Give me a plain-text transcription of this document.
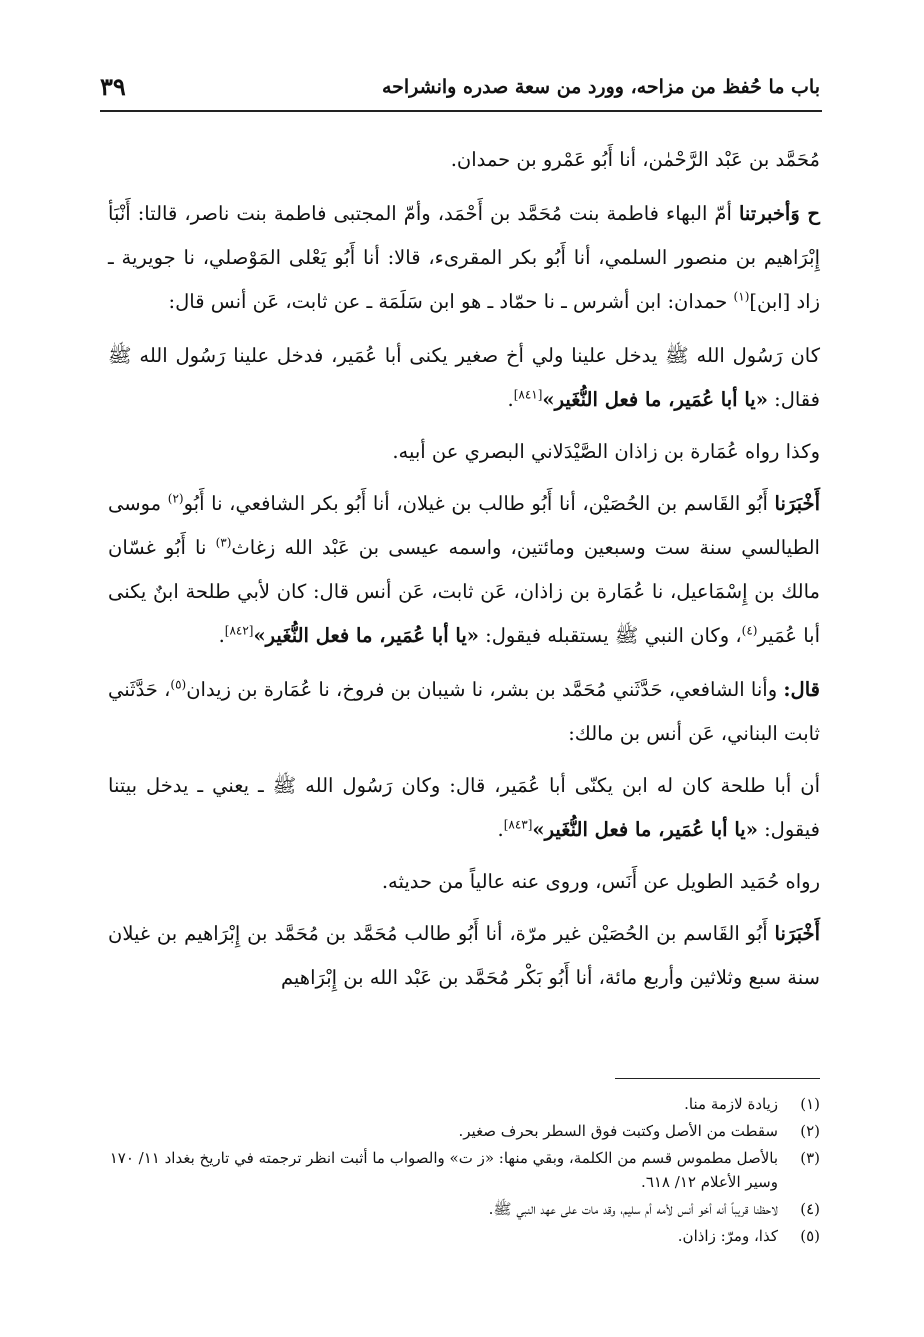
باب ما حُفظ من مزاحه، وورد من سعة صدره وانشراحه
٣٩

مُحَمَّد بن عَبْد الرَّحْمٰن، أنا أَبُو عَمْرو بن حمدان.

ح وَأخبرتنا أمّ البهاء فاطمة بنت مُحَمَّد بن أَحْمَد، وأمّ المجتبى فاطمة بنت ناصر، قالتا: أَنْبَأ إِبْرَاهيم بن منصور السلمي، أنا أَبُو بكر المقرىء، قالا: أنا أَبُو يَعْلى المَوْصلي، نا جويرية ـ زاد [ابن]$^{(١)}$ حمدان: ابن أشرس ـ نا حمّاد ـ هو ابن سَلَمَة ـ عن ثابت، عَن أنس قال:

كان رَسُول الله ﷺ يدخل علينا ولي أخ صغير يكنى أبا عُمَير، فدخل علينا رَسُول الله ﷺ فقال: «يا أبا عُمَير، ما فعل النُّغَير»[٨٤١].

وكذا رواه عُمَارة بن زاذان الصَّيْدَلاني البصري عن أبيه.

أَخْبَرَنا أَبُو القَاسم بن الحُصَيْن، أنا أَبُو طالب بن غيلان، أنا أَبُو بكر الشافعي، نا أَبُو$^{(٢)}$ موسى الطيالسي سنة ست وسبعين ومائتين، واسمه عيسى بن عَبْد الله زغاث$^{(٣)}$ نا أَبُو غسّان مالك بن إِسْمَاعيل، نا عُمَارة بن زاذان، عَن ثابت، عَن أنس قال: كان لأبي طلحة ابنٌ يكنى أبا عُمَير$^{(٤)}$، وكان النبي ﷺ يستقبله فيقول: «يا أبا عُمَير، ما فعل النُّغَير»[٨٤٢].

قال: وأنا الشافعي، حَدَّثَني مُحَمَّد بن بشر، نا شيبان بن فروخ، نا عُمَارة بن زيدان$^{(٥)}$، حَدَّثَني ثابت البناني، عَن أنس بن مالك:

أن أبا طلحة كان له ابن يكنّى أبا عُمَير، قال: وكان رَسُول الله ﷺ ـ يعني ـ يدخل بيتنا فيقول: «يا أبا عُمَير، ما فعل النُّغَير»[٨٤٣].

رواه حُمَيد الطويل عن أَنَس، وروى عنه عالياً من حديثه.

أَخْبَرَنا أَبُو القَاسم بن الحُصَيْن غير مرّة، أنا أَبُو طالب مُحَمَّد بن مُحَمَّد بن إِبْرَاهيم بن غيلان سنة سبع وثلاثين وأربع مائة، أنا أَبُو بَكْر مُحَمَّد بن عَبْد الله بن إِبْرَاهيم

(١)
زيادة لازمة منا.
(٢)
سقطت من الأصل وكتبت فوق السطر بحرف صغير.
(٣)
بالأصل مطموس قسم من الكلمة، وبقي منها: «ز ت» والصواب ما أثبت انظر ترجمته في تاريخ بغداد ١١/ ١٧٠ وسير الأعلام ١٢/ ٦١٨.
(٤)
لاحظنا قريباً أنه أخو أنس لأمه أم سليم، وقد مات على عهد النبي ﷺ.
(٥)
كذا، ومرّ: زاذان.
